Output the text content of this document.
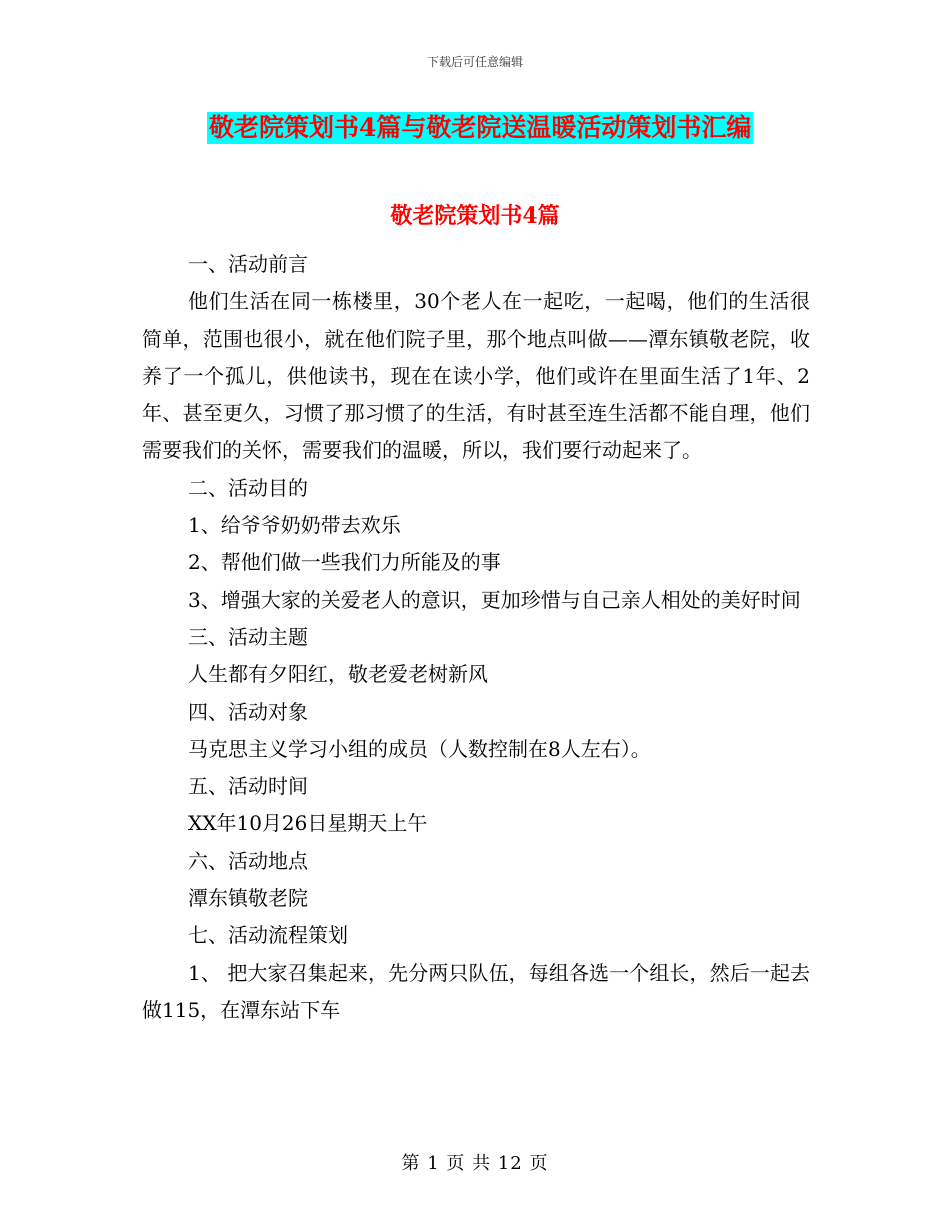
下载后可任意编辑
敬老院策划书4篇与敬老院送温暖活动策划书汇编
敬老院策划书4篇

一、活动前言

他们生活在同一栋楼里，30个老人在一起吃，一起喝，他们的生活很简单，范围也很小，就在他们院子里，那个地点叫做——潭东镇敬老院，收养了一个孤儿，供他读书，现在在读小学，他们或许在里面生活了1年、2年、甚至更久，习惯了那习惯了的生活，有时甚至连生活都不能自理，他们需要我们的关怀，需要我们的温暖，所以，我们要行动起来了。

二、活动目的

1、给爷爷奶奶带去欢乐

2、帮他们做一些我们力所能及的事

3、增强大家的关爱老人的意识，更加珍惜与自己亲人相处的美好时间

三、活动主题

人生都有夕阳红，敬老爱老树新风

四、活动对象

马克思主义学习小组的成员（人数控制在8人左右）。

五、活动时间

XX年10月26日星期天上午

六、活动地点

潭东镇敬老院

七、活动流程策划

1、 把大家召集起来，先分两只队伍，每组各选一个组长，然后一起去做115，在潭东站下车

第 1 页 共 12 页
